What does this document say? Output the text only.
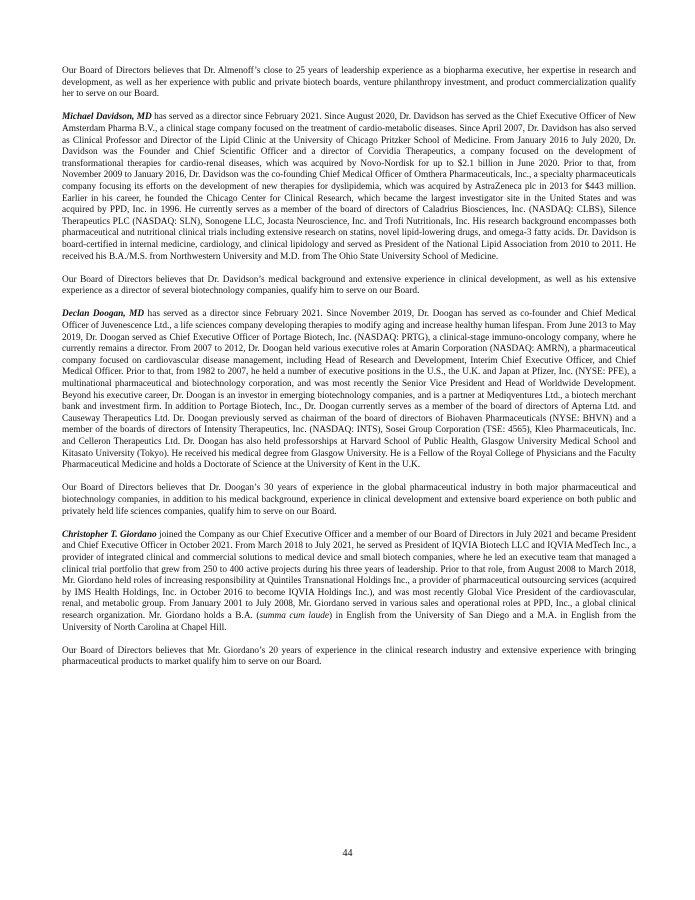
Our Board of Directors believes that Dr. Almenoff’s close to 25 years of leadership experience as a biopharma executive, her expertise in research and development, as well as her experience with public and private biotech boards, venture philanthropy investment, and product commercialization qualify her to serve on our Board.

Michael Davidson, MD has served as a director since February 2021. Since August 2020, Dr. Davidson has served as the Chief Executive Officer of New Amsterdam Pharma B.V., a clinical stage company focused on the treatment of cardio-metabolic diseases. Since April 2007, Dr. Davidson has also served as Clinical Professor and Director of the Lipid Clinic at the University of Chicago Pritzker School of Medicine. From January 2016 to July 2020, Dr. Davidson was the Founder and Chief Scientific Officer and a director of Corvidia Therapeutics, a company focused on the development of transformational therapies for cardio-renal diseases, which was acquired by Novo-Nordisk for up to $2.1 billion in June 2020. Prior to that, from November 2009 to January 2016, Dr. Davidson was the co-founding Chief Medical Officer of Omthera Pharmaceuticals, Inc., a specialty pharmaceuticals company focusing its efforts on the development of new therapies for dyslipidemia, which was acquired by AstraZeneca plc in 2013 for $443 million. Earlier in his career, he founded the Chicago Center for Clinical Research, which became the largest investigator site in the United States and was acquired by PPD, Inc. in 1996. He currently serves as a member of the board of directors of Caladrius Biosciences, Inc. (NASDAQ: CLBS), Silence Therapeutics PLC (NASDAQ: SLN), Sonogene LLC, Jocasta Neuroscience, Inc. and Trofi Nutritionals, Inc. His research background encompasses both pharmaceutical and nutritional clinical trials including extensive research on statins, novel lipid-lowering drugs, and omega-3 fatty acids. Dr. Davidson is board-certified in internal medicine, cardiology, and clinical lipidology and served as President of the National Lipid Association from 2010 to 2011. He received his B.A./M.S. from Northwestern University and M.D. from The Ohio State University School of Medicine.

Our Board of Directors believes that Dr. Davidson’s medical background and extensive experience in clinical development, as well as his extensive experience as a director of several biotechnology companies, qualify him to serve on our Board.

Declan Doogan, MD has served as a director since February 2021. Since November 2019, Dr. Doogan has served as co-founder and Chief Medical Officer of Juvenescence Ltd., a life sciences company developing therapies to modify aging and increase healthy human lifespan. From June 2013 to May 2019, Dr. Doogan served as Chief Executive Officer of Portage Biotech, Inc. (NASDAQ: PRTG), a clinical-stage immuno-oncology company, where he currently remains a director. From 2007 to 2012, Dr. Doogan held various executive roles at Amarin Corporation (NASDAQ: AMRN), a pharmaceutical company focused on cardiovascular disease management, including Head of Research and Development, Interim Chief Executive Officer, and Chief Medical Officer. Prior to that, from 1982 to 2007, he held a number of executive positions in the U.S., the U.K. and Japan at Pfizer, Inc. (NYSE: PFE), a multinational pharmaceutical and biotechnology corporation, and was most recently the Senior Vice President and Head of Worldwide Development. Beyond his executive career, Dr. Doogan is an investor in emerging biotechnology companies, and is a partner at Mediqventures Ltd., a biotech merchant bank and investment firm. In addition to Portage Biotech, Inc., Dr. Doogan currently serves as a member of the board of directors of Apterna Ltd. and Causeway Therapeutics Ltd. Dr. Doogan previously served as chairman of the board of directors of Biohaven Pharmaceuticals (NYSE: BHVN) and a member of the boards of directors of Intensity Therapeutics, Inc. (NASDAQ: INTS), Sosei Group Corporation (TSE: 4565), Kleo Pharmaceuticals, Inc. and Celleron Therapeutics Ltd. Dr. Doogan has also held professorships at Harvard School of Public Health, Glasgow University Medical School and Kitasato University (Tokyo). He received his medical degree from Glasgow University. He is a Fellow of the Royal College of Physicians and the Faculty Pharmaceutical Medicine and holds a Doctorate of Science at the University of Kent in the U.K.

Our Board of Directors believes that Dr. Doogan’s 30 years of experience in the global pharmaceutical industry in both major pharmaceutical and biotechnology companies, in addition to his medical background, experience in clinical development and extensive board experience on both public and privately held life sciences companies, qualify him to serve on our Board.

Christopher T. Giordano joined the Company as our Chief Executive Officer and a member of our Board of Directors in July 2021 and became President and Chief Executive Officer in October 2021. From March 2018 to July 2021, he served as President of IQVIA Biotech LLC and IQVIA MedTech Inc., a provider of integrated clinical and commercial solutions to medical device and small biotech companies, where he led an executive team that managed a clinical trial portfolio that grew from 250 to 400 active projects during his three years of leadership. Prior to that role, from August 2008 to March 2018, Mr. Giordano held roles of increasing responsibility at Quintiles Transnational Holdings Inc., a provider of pharmaceutical outsourcing services (acquired by IMS Health Holdings, Inc. in October 2016 to become IQVIA Holdings Inc.), and was most recently Global Vice President of the cardiovascular, renal, and metabolic group. From January 2001 to July 2008, Mr. Giordano served in various sales and operational roles at PPD, Inc., a global clinical research organization. Mr. Giordano holds a B.A. (summa cum laude) in English from the University of San Diego and a M.A. in English from the University of North Carolina at Chapel Hill.

Our Board of Directors believes that Mr. Giordano’s 20 years of experience in the clinical research industry and extensive experience with bringing pharmaceutical products to market qualify him to serve on our Board.

44
